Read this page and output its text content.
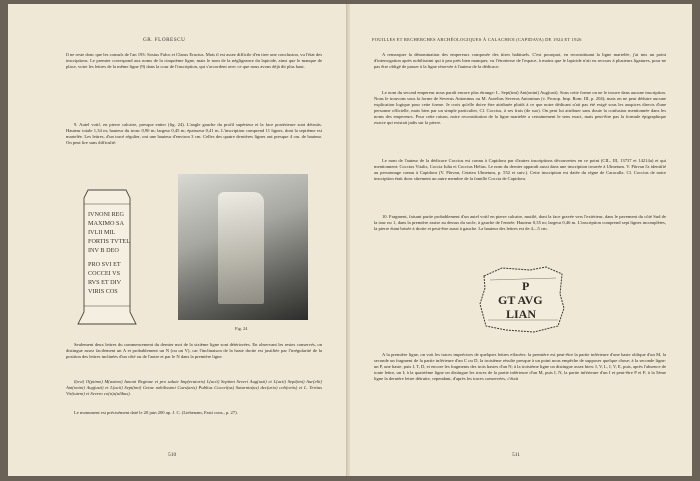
GR. FLORESCU

Il ne reste donc que les consuls de l'an 193: Sosius Falco et Clarus Erucius. Mais il est assez difficile d'en tirer une conclusion, vu l'état des inscriptions. Le premier correspond aux noms de la cinquième ligne, mais le nom de la négligeance du lapicide, ainsi que le manque de place, voire les lettres de la même ligne (9) dans la cour de l'inscription, qui s'accordent avec ce que nous avons déjà dit plus haut.

9. Autel votif, en pierre calcaire, presque entier (fig. 24). L'angle gauche du profil supérieur et la face postérieure sont détruits. Hauteur totale 1,34 m; hauteur du tronc 0,90 m; largeur 0,45 m; épaisseur 0,41 m. L'inscription comprend 11 lignes, dont la septième est martelée. Les lettres, d'un tracé régulier, ont une hauteur d'environ 3 cm. Celles des quatre dernières lignes ont presque 4 cm. de hauteur. On peut lire sans difficulté:

IVNONI REG
MAXIMO SA
IVLII MIL
FORTIS TVTEL
INV B DEO
PRO SVI ET
COCCEI VS
RVS ET DIV
VIRIS COS
Fig. 24

Seulement deux lettres du commencement du dernier mot de la sixième ligne sont détériorées. En observant les restes conservés, on distingue assez facilement un A et probablement un N (ou un V), car l'inclinaison de la haste droite est justifiée par l'irrégularité de la position des lettres inclinées d'un côté ou de l'autre et par le N dans la première ligne.

I(ovi) O(ptimo) M(aximo) Iunoni Reginae et pro salute Imp(eratoris) L(ucii) Septimi Severi Aug(usti) et L(ucii) Sept(imi) Aur(elii) Ant(onini) Aug(usti) et L(ucii) Sept(imi) Getae nobilissimi Caes(aris) Publius Coccei(us) Saturnin(us) dec(urio) coh(ortis) et L. Tertius Vir(tutem) et Severo co(n)s(ulibus).

Le monument est précisément daté le 20 juin 200 ap. J. C. (Liebenam, Fasti cons., p. 27).

510
FOUILLES ET RECHERCHES ARCHÉOLOGIQUES À CALACHIOI (CAPIDAVA) DE 1924 ET 1926

A remarquer la dénomination des empereurs composée des titres habituels. C'est pourquoi, en reconstituant la ligne martelée, j'ai mis un point d'interrogation après nobilissimi qui à peu près bien manquer, vu l'étroitesse de l'espace, à moins que le lapicide n'ait eu recours à plusieurs ligatures, pour ne pas être obligé de passer à la ligne réservée à l'auteur de la dédicace.

Le nom du second empereur nous paraît encore plus étrange: L. Sept(imi) Ant(onini) Aug(usti). Sous cette forme on ne le trouve dans aucune inscription. Nous le trouvons sous la forme de Severus Antoninus ou M. Aurelius Severus Antoninus (v. Prosop. Imp. Rom. III, p. 204); mais on ne peut déduire aucune explication logique pour cette forme. Je crois qu'elle doive être attribuée plutôt à ce que notre dédicant n'ait pas été exigé sous les auspices directs d'une personne officielle, mais bien par un simple particulier, Cl. Coccius, à ses frais (de suo). On peut lui attribuer sans doute la confusion mentionnée dans les noms des empereurs. Pour cette raison, notre reconstitution de la ligne martelée a certainement le sens exact, mais peut-être pas la formule épigraphique exacte qui existait jadis sur la pierre.

Le nom de l'auteur de la dédicace Coccius est connu à Capidava par d'autres inscriptions découvertes en ce point (CIL, III, 13737 et 14214a) et qui mentionnent: Coccius Vitalis, Coccia Iulia et Coccius Helius. Le nom du dernier apparaît aussi dans une inscription trouvée à Ulmetum. V. Pârvan l'a identifié au personnage connu à Capidava (V. Pârvan, Cetatea Ulmetum, p. 552 et suiv.). Cette inscription est datée du règne de Caracalla. Cl. Coccius de notre inscription était donc sûrement un autre membre de la famille Coccia de Capidava.

10. Fragment, faisant partie probablement d'un autel votif en pierre calcaire, mutilé, dont la face gravée vers l'extérieur, dans le pavement du côté Sud de la tour no 1, dans la première assise au dessus du socle, à gauche de l'entrée. Hauteur 0,35 m; largeur 0,46 m. L'inscription comprend sept lignes incomplètes, la pierre étant brisée à droite et peut-être aussi à gauche. La hauteur des lettres est de 4—5 cm.

P
GT AVG
LIAN

A la première ligne, on voit les traces imprécises de quelques lettres effacées: la première est peut-être la partie inférieure d'une haste oblique d'un M, la seconde un fragment de la partie inférieure d'un C ou D, la troisième résulte presque à un point nous empêche de supposer quelque chose; à la seconde ligne: un P, une haste, puis I, T, D, et encore les fragments des trois hastes d'un N; à la troisième ligne on distingue assez bien: I, V, L, I, V, E, puis, après l'absence de toute lettre, un I; à la quatrième ligne on distingue les traces de la partie inférieure d'un M, puis I, N, la partie inférieure d'un I et peut-être P et F; à la 5ème ligne la dernière lettre détruite, cependant, d'après les traces conservées, c'était

511
